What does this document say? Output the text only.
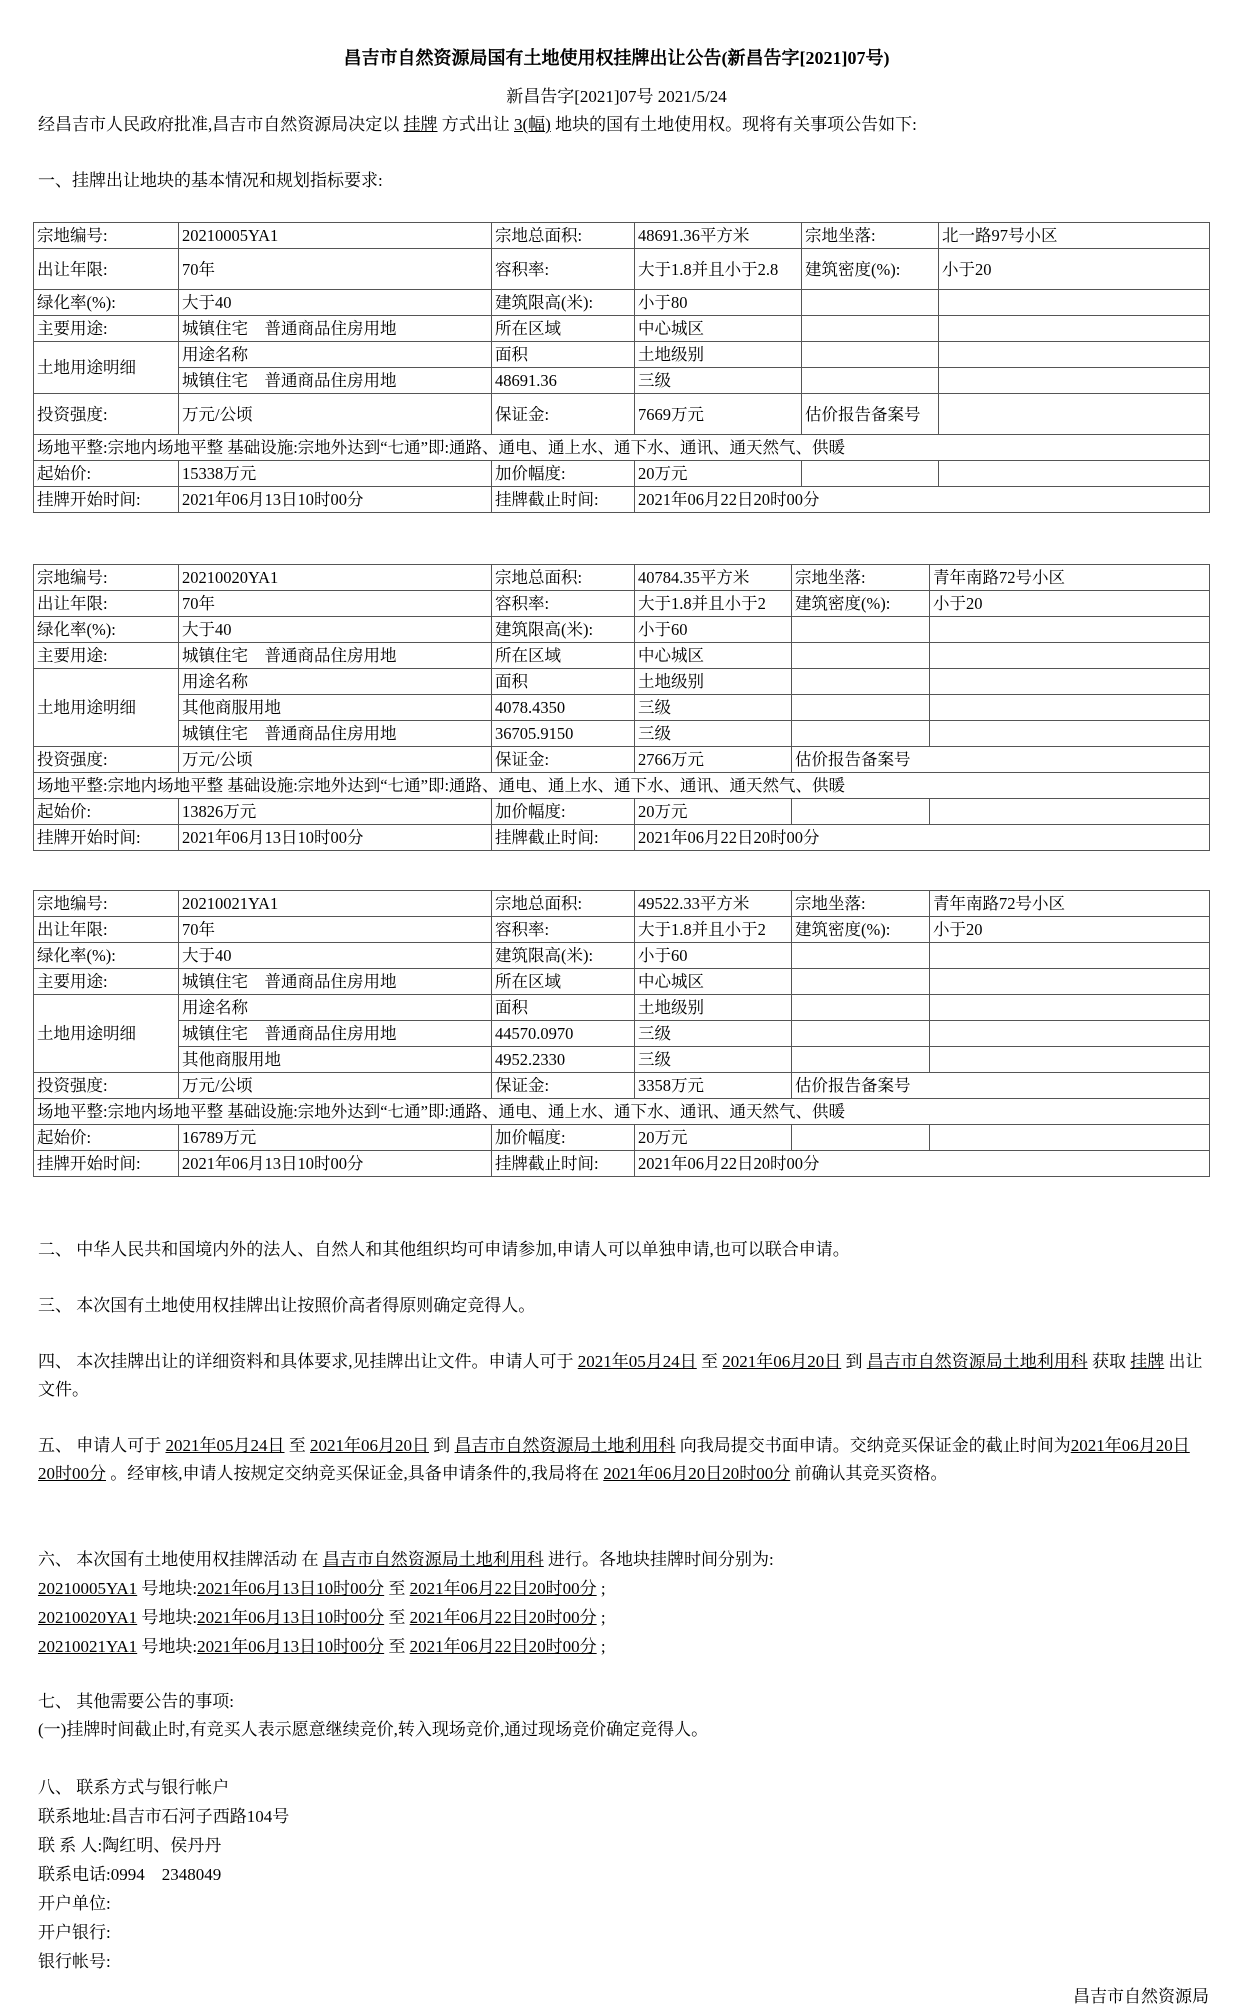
昌吉市自然资源局国有土地使用权挂牌出让公告(新昌告字[2021]07号)
新昌告字[2021]07号 2021/5/24
经昌吉市人民政府批准,昌吉市自然资源局决定以 挂牌 方式出让 3(幅) 地块的国有土地使用权。现将有关事项公告如下:
一、挂牌出让地块的基本情况和规划指标要求:
宗地编号:	20210005YA1	宗地总面积:	48691.36平方米	宗地坐落:	北一路97号小区
出让年限:	70年	容积率:	大于1.8并且小于2.8	建筑密度(%):	小于20
绿化率(%):	大于40	建筑限高(米):	小于80		
主要用途:	城镇住宅　普通商品住房用地	所在区域	中心城区		
土地用途明细	用途名称	面积	土地级别		
	城镇住宅　普通商品住房用地	48691.36	三级		
投资强度:	万元/公顷	保证金:	7669万元	估价报告备案号	
场地平整:宗地内场地平整 基础设施:宗地外达到“七通”即:通路、通电、通上水、通下水、通讯、通天然气、供暖					
起始价:	15338万元	加价幅度:	20万元		
挂牌开始时间:	2021年06月13日10时00分	挂牌截止时间:	2021年06月22日20时00分		
宗地编号:	20210020YA1	宗地总面积:	40784.35平方米	宗地坐落:	青年南路72号小区
出让年限:	70年	容积率:	大于1.8并且小于2	建筑密度(%):	小于20
绿化率(%):	大于40	建筑限高(米):	小于60		
主要用途:	城镇住宅　普通商品住房用地	所在区域	中心城区		
土地用途明细	用途名称	面积	土地级别		
	其他商服用地	4078.4350	三级		
	城镇住宅　普通商品住房用地	36705.9150	三级		
投资强度:	万元/公顷	保证金:	2766万元	估价报告备案号	
场地平整:宗地内场地平整 基础设施:宗地外达到“七通”即:通路、通电、通上水、通下水、通讯、通天然气、供暖					
起始价:	13826万元	加价幅度:	20万元		
挂牌开始时间:	2021年06月13日10时00分	挂牌截止时间:	2021年06月22日20时00分		
宗地编号:	20210021YA1	宗地总面积:	49522.33平方米	宗地坐落:	青年南路72号小区
出让年限:	70年	容积率:	大于1.8并且小于2	建筑密度(%):	小于20
绿化率(%):	大于40	建筑限高(米):	小于60		
主要用途:	城镇住宅　普通商品住房用地	所在区域	中心城区		
土地用途明细	用途名称	面积	土地级别		
	城镇住宅　普通商品住房用地	44570.0970	三级		
	其他商服用地	4952.2330	三级		
投资强度:	万元/公顷	保证金:	3358万元	估价报告备案号	
场地平整:宗地内场地平整 基础设施:宗地外达到“七通”即:通路、通电、通上水、通下水、通讯、通天然气、供暖					
起始价:	16789万元	加价幅度:	20万元		
挂牌开始时间:	2021年06月13日10时00分	挂牌截止时间:	2021年06月22日20时00分		
二、 中华人民共和国境内外的法人、自然人和其他组织均可申请参加,申请人可以单独申请,也可以联合申请。
三、 本次国有土地使用权挂牌出让按照价高者得原则确定竞得人。
四、 本次挂牌出让的详细资料和具体要求,见挂牌出让文件。申请人可于 2021年05月24日 至 2021年06月20日 到 昌吉市自然资源局土地利用科 获取 挂牌 出让文件。
五、 申请人可于 2021年05月24日 至 2021年06月20日 到 昌吉市自然资源局土地利用科 向我局提交书面申请。交纳竞买保证金的截止时间为2021年06月20日20时00分 。经审核,申请人按规定交纳竞买保证金,具备申请条件的,我局将在 2021年06月20日20时00分 前确认其竞买资格。
六、 本次国有土地使用权挂牌活动 在 昌吉市自然资源局土地利用科 进行。各地块挂牌时间分别为:
20210005YA1 号地块:2021年06月13日10时00分 至 2021年06月22日20时00分 ;
20210020YA1 号地块:2021年06月13日10时00分 至 2021年06月22日20时00分 ;
20210021YA1 号地块:2021年06月13日10时00分 至 2021年06月22日20时00分 ;
七、 其他需要公告的事项:
(一)挂牌时间截止时,有竞买人表示愿意继续竞价,转入现场竞价,通过现场竞价确定竞得人。
八、 联系方式与银行帐户
联系地址:昌吉市石河子西路104号
联 系 人:陶红明、侯丹丹
联系电话:0994　2348049
开户单位:
开户银行:
银行帐号:
昌吉市自然资源局
